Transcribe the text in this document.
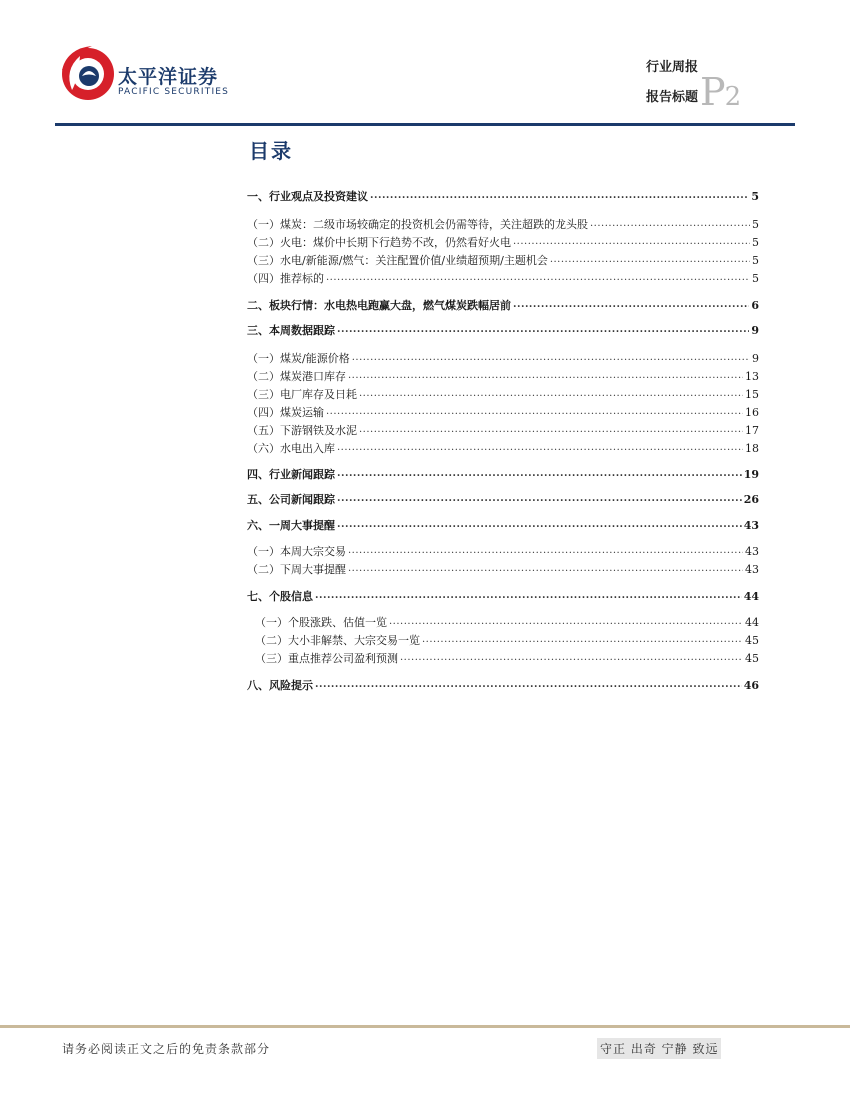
太平洋证券
PACIFIC SECURITIES
行业周报
报告标题 P2
目录
一、 行业观点及投资建议 .....	5
（一） 煤炭：二级市场较确定的投资机会仍需等待，关注超跌的龙头股 .....	5
（二） 火电：煤价中长期下行趋势不改，仍然看好火电 .....	5
（三） 水电/新能源/燃气：关注配置价值/业绩超预期/主题机会 .....	5
（四） 推荐标的 .....	5
二、 板块行情：水电热电跑赢大盘，燃气煤炭跌幅居前 .....	6
三、 本周数据跟踪 .....	9
（一） 煤炭/能源价格 .....	9
（二） 煤炭港口库存 .....	13
（三） 电厂库存及日耗 .....	15
（四） 煤炭运输 .....	16
（五） 下游钢铁及水泥 .....	17
（六） 水电出入库 .....	18
四、 行业新闻跟踪 .....	19
五、 公司新闻跟踪 .....	26
六、 一周大事提醒 .....	43
（一） 本周大宗交易 .....	43
（二） 下周大事提醒 .....	43
七、 个股信息 .....	44
（一）个股涨跌、估值一览 .....	44
（二）大小非解禁、大宗交易一览 .....	45
（三）重点推荐公司盈利预测 .....	45
八、 风险提示 .....	46
请务必阅读正文之后的免责条款部分	守正 出奇 宁静 致远
